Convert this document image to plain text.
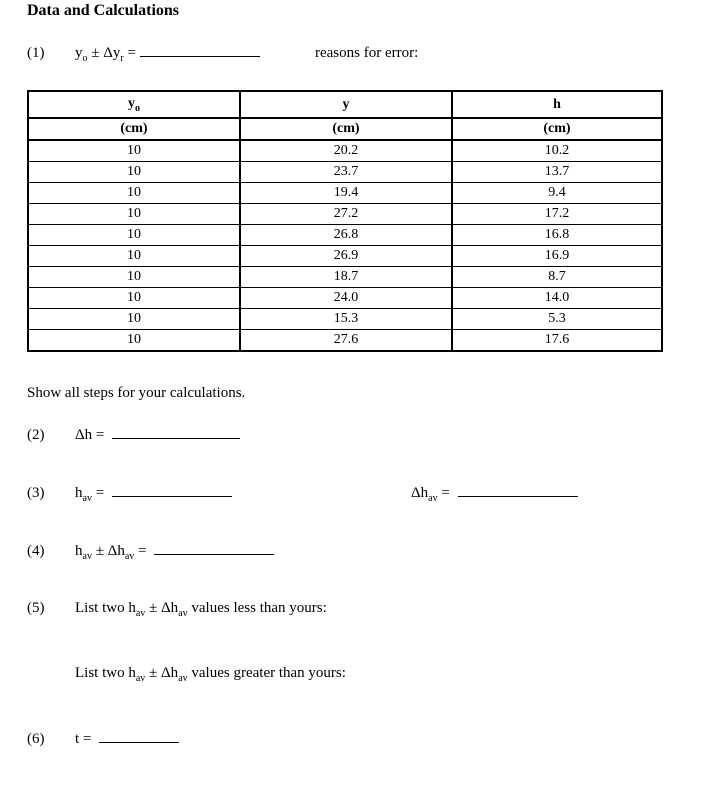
Data and Calculations
(1) $y_o \pm \Delta y_r$ =	reasons for error:
$y_o$	y	h
(cm)	(cm)	(cm)
10	20.2	10.2
10	23.7	13.7
10	19.4	9.4
10	27.2	17.2
10	26.8	16.8
10	26.9	16.9
10	18.7	8.7
10	24.0	14.0
10	15.3	5.3
10	27.6	17.6
Show all steps for your calculations.
(2) Δh =
(3) $h_{av}$ =	$\Delta h_{av}$ =
(4) $h_{av} \pm \Delta h_{av}$ =
(5) List two $h_{av} \pm \Delta h_{av}$ values less than yours:
List two $h_{av} \pm \Delta h_{av}$ values greater than yours:
(6) t =
